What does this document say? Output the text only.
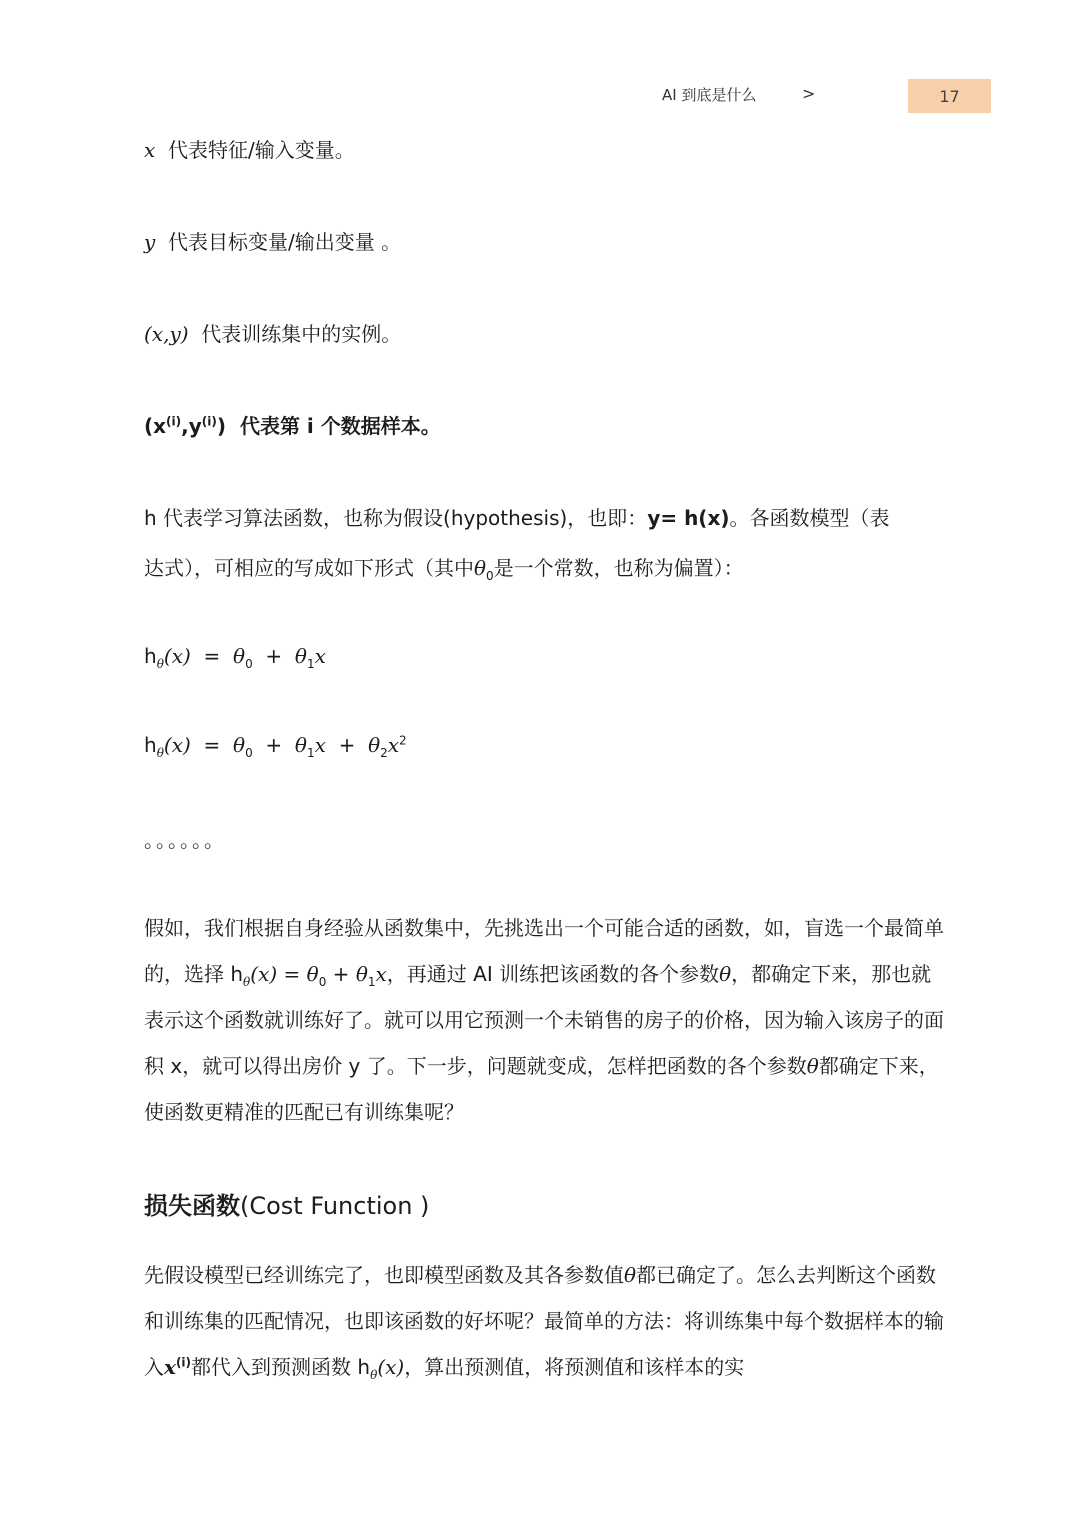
AI 到底是什么	>	17
x 代表特征/输入变量。
y 代表目标变量/输出变量 。
(x,y) 代表训练集中的实例。
$(x^{(i)},y^{(i)})$ 代表第 i 个数据样本。
h 代表学习算法函数，也称为假设(hypothesis)，也即：y= h(x)。各函数模型（表
达式），可相应的写成如下形式（其中$\theta_0$是一个常数，也称为偏置）：
$h_\theta(x) = \theta_0 + \theta_1x$
$h_\theta(x) = \theta_0 + \theta_1x + \theta_2x^2$
。。。。。。
假如，我们根据自身经验从函数集中，先挑选出一个可能合适的函数，如，盲选一个最简单的，选择 $h_\theta(x) = \theta_0 + \theta_1x$，再通过 AI 训练把该函数的各个参数θ，都确定下来，那也就表示这个函数就训练好了。就可以用它预测一个未销售的房子的价格，因为输入该房子的面积 x，就可以得出房价 y 了。下一步，问题就变成，怎样把函数的各个参数θ都确定下来，使函数更精准的匹配已有训练集呢？
损失函数(Cost Function )
先假设模型已经训练完了，也即模型函数及其各参数值θ都已确定了。怎么去判断这个函数和训练集的匹配情况，也即该函数的好坏呢？最简单的方法：将训练集中每个数据样本的输入$x^{(i)}$都代入到预测函数 $h_\theta(x)$，算出预测值，将预测值和该样本的实
